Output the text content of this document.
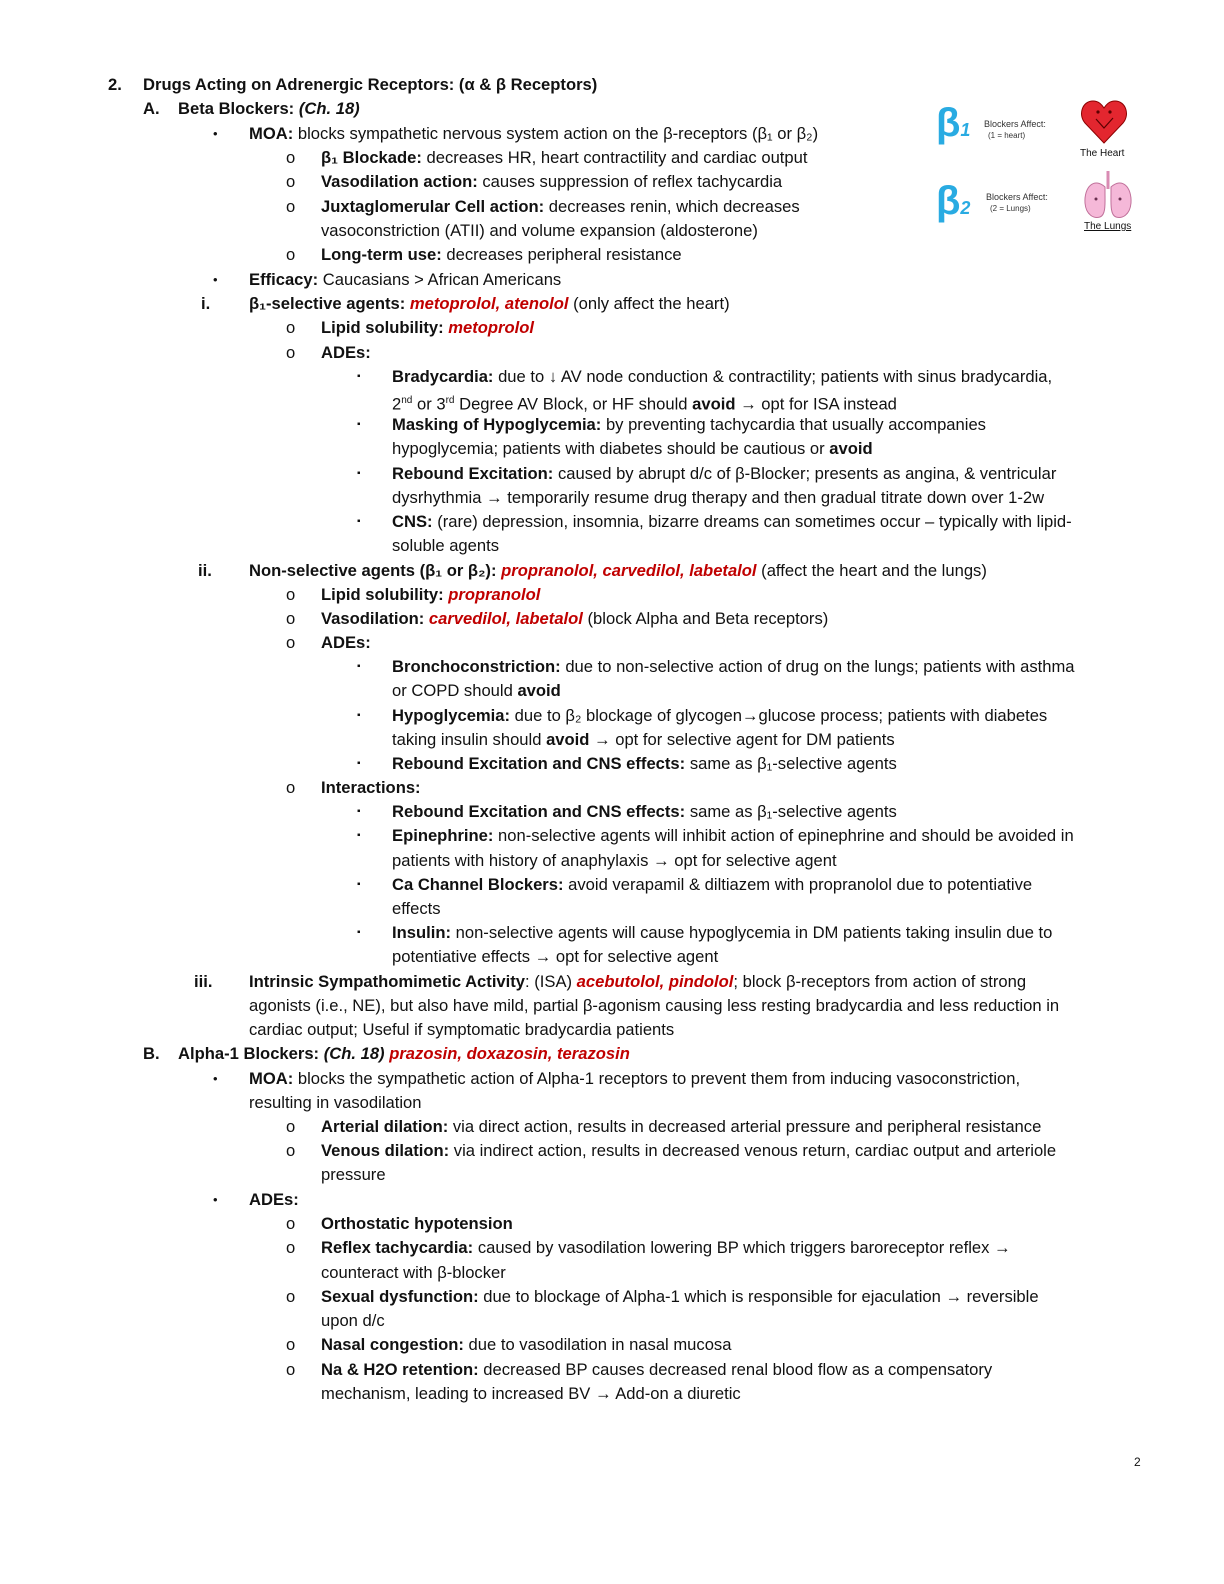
2. Drugs Acting on Adrenergic Receptors: (α & β Receptors)
A. Beta Blockers: (Ch. 18)
• MOA: blocks sympathetic nervous system action on the β-receptors (β₁ or β₂)
o β₁ Blockade: decreases HR, heart contractility and cardiac output
o Vasodilation action: causes suppression of reflex tachycardia
o Juxtaglomerular Cell action: decreases renin, which decreases
vasoconstriction (ATII) and volume expansion (aldosterone)
o Long-term use: decreases peripheral resistance
• Efficacy: Caucasians > African Americans
i. β₁-selective agents: metoprolol, atenolol (only affect the heart)
o Lipid solubility: metoprolol
o ADEs:
▪ Bradycardia: due to ↓ AV node conduction & contractility; patients with sinus bradycardia,
2nd or 3rd Degree AV Block, or HF should avoid → opt for ISA instead
▪ Masking of Hypoglycemia: by preventing tachycardia that usually accompanies
hypoglycemia; patients with diabetes should be cautious or avoid
▪ Rebound Excitation: caused by abrupt d/c of β-Blocker; presents as angina, & ventricular
dysrhythmia → temporarily resume drug therapy and then gradual titrate down over 1-2w
▪ CNS: (rare) depression, insomnia, bizarre dreams can sometimes occur – typically with lipid-
soluble agents
ii. Non-selective agents (β₁ or β₂): propranolol, carvedilol, labetalol (affect the heart and the lungs)
o Lipid solubility: propranolol
o Vasodilation: carvedilol, labetalol (block Alpha and Beta receptors)
o ADEs:
▪ Bronchoconstriction: due to non-selective action of drug on the lungs; patients with asthma
or COPD should avoid
▪ Hypoglycemia: due to β₂ blockage of glycogen→glucose process; patients with diabetes
taking insulin should avoid → opt for selective agent for DM patients
▪ Rebound Excitation and CNS effects: same as β₁-selective agents
o Interactions:
▪ Rebound Excitation and CNS effects: same as β₁-selective agents
▪ Epinephrine: non-selective agents will inhibit action of epinephrine and should be avoided in
patients with history of anaphylaxis → opt for selective agent
▪ Ca Channel Blockers: avoid verapamil & diltiazem with propranolol due to potentiative
effects
▪ Insulin: non-selective agents will cause hypoglycemia in DM patients taking insulin due to
potentiative effects → opt for selective agent
iii. Intrinsic Sympathomimetic Activity: (ISA) acebutolol, pindolol; block β-receptors from action of strong
agonists (i.e., NE), but also have mild, partial β-agonism causing less resting bradycardia and less reduction in
cardiac output; Useful if symptomatic bradycardia patients
B. Alpha-1 Blockers: (Ch. 18) prazosin, doxazosin, terazosin
• MOA: blocks the sympathetic action of Alpha-1 receptors to prevent them from inducing vasoconstriction,
resulting in vasodilation
o Arterial dilation: via direct action, results in decreased arterial pressure and peripheral resistance
o Venous dilation: via indirect action, results in decreased venous return, cardiac output and arteriole
pressure
• ADEs:
o Orthostatic hypotension
o Reflex tachycardia: caused by vasodilation lowering BP which triggers baroreceptor reflex →
counteract with β-blocker
o Sexual dysfunction: due to blockage of Alpha-1 which is responsible for ejaculation → reversible
upon d/c
o Nasal congestion: due to vasodilation in nasal mucosa
o Na & H2O retention: decreased BP causes decreased renal blood flow as a compensatory
mechanism, leading to increased BV → Add-on a diuretic
β1 Blockers Affect:
(1 = heart)
The Heart
β2
Blockers Affect:
(2 = Lungs)
The Lungs
2
